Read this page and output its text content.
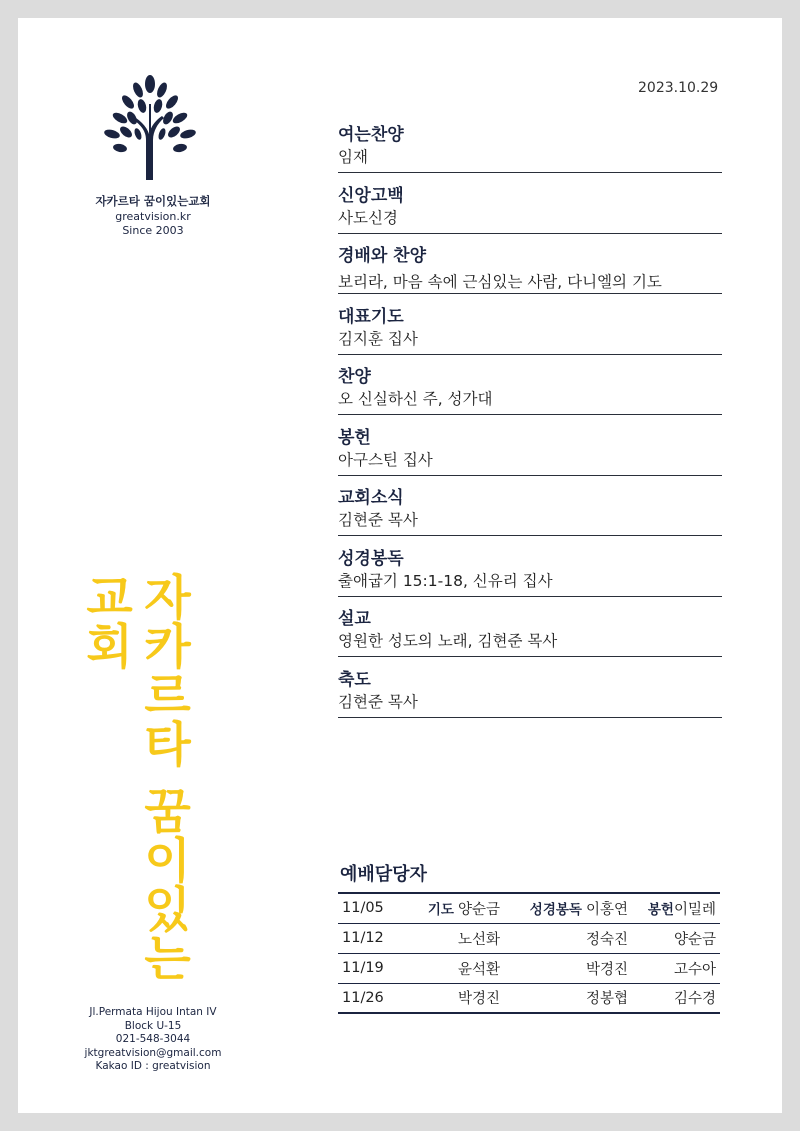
2023.10.29
자카르타 꿈이있는교회
greatvision.kr
Since 2003
자카르타 꿈이있는교회
Jl.Permata Hijou Intan IV
Block U-15
021-548-3044
jktgreatvision@gmail.com
Kakao ID : greatvision
여는찬양
임재
신앙고백
사도신경
경배와 찬양
보리라, 마음 속에 근심있는 사람, 다니엘의 기도
대표기도
김지훈 집사
찬양
오 신실하신 주, 성가대
봉헌
아구스틴 집사
교회소식
김현준 목사
성경봉독
출애굽기 15:1-18, 신유리 집사
설교
영원한 성도의 노래, 김현준 목사
축도
김현준 목사
예배담당자
11/05	기도 양순금	성경봉독 이홍연	봉헌이밀레
11/12	노선화	정숙진	양순금
11/19	윤석환	박경진	고수아
11/26	박경진	정봉협	김수경
